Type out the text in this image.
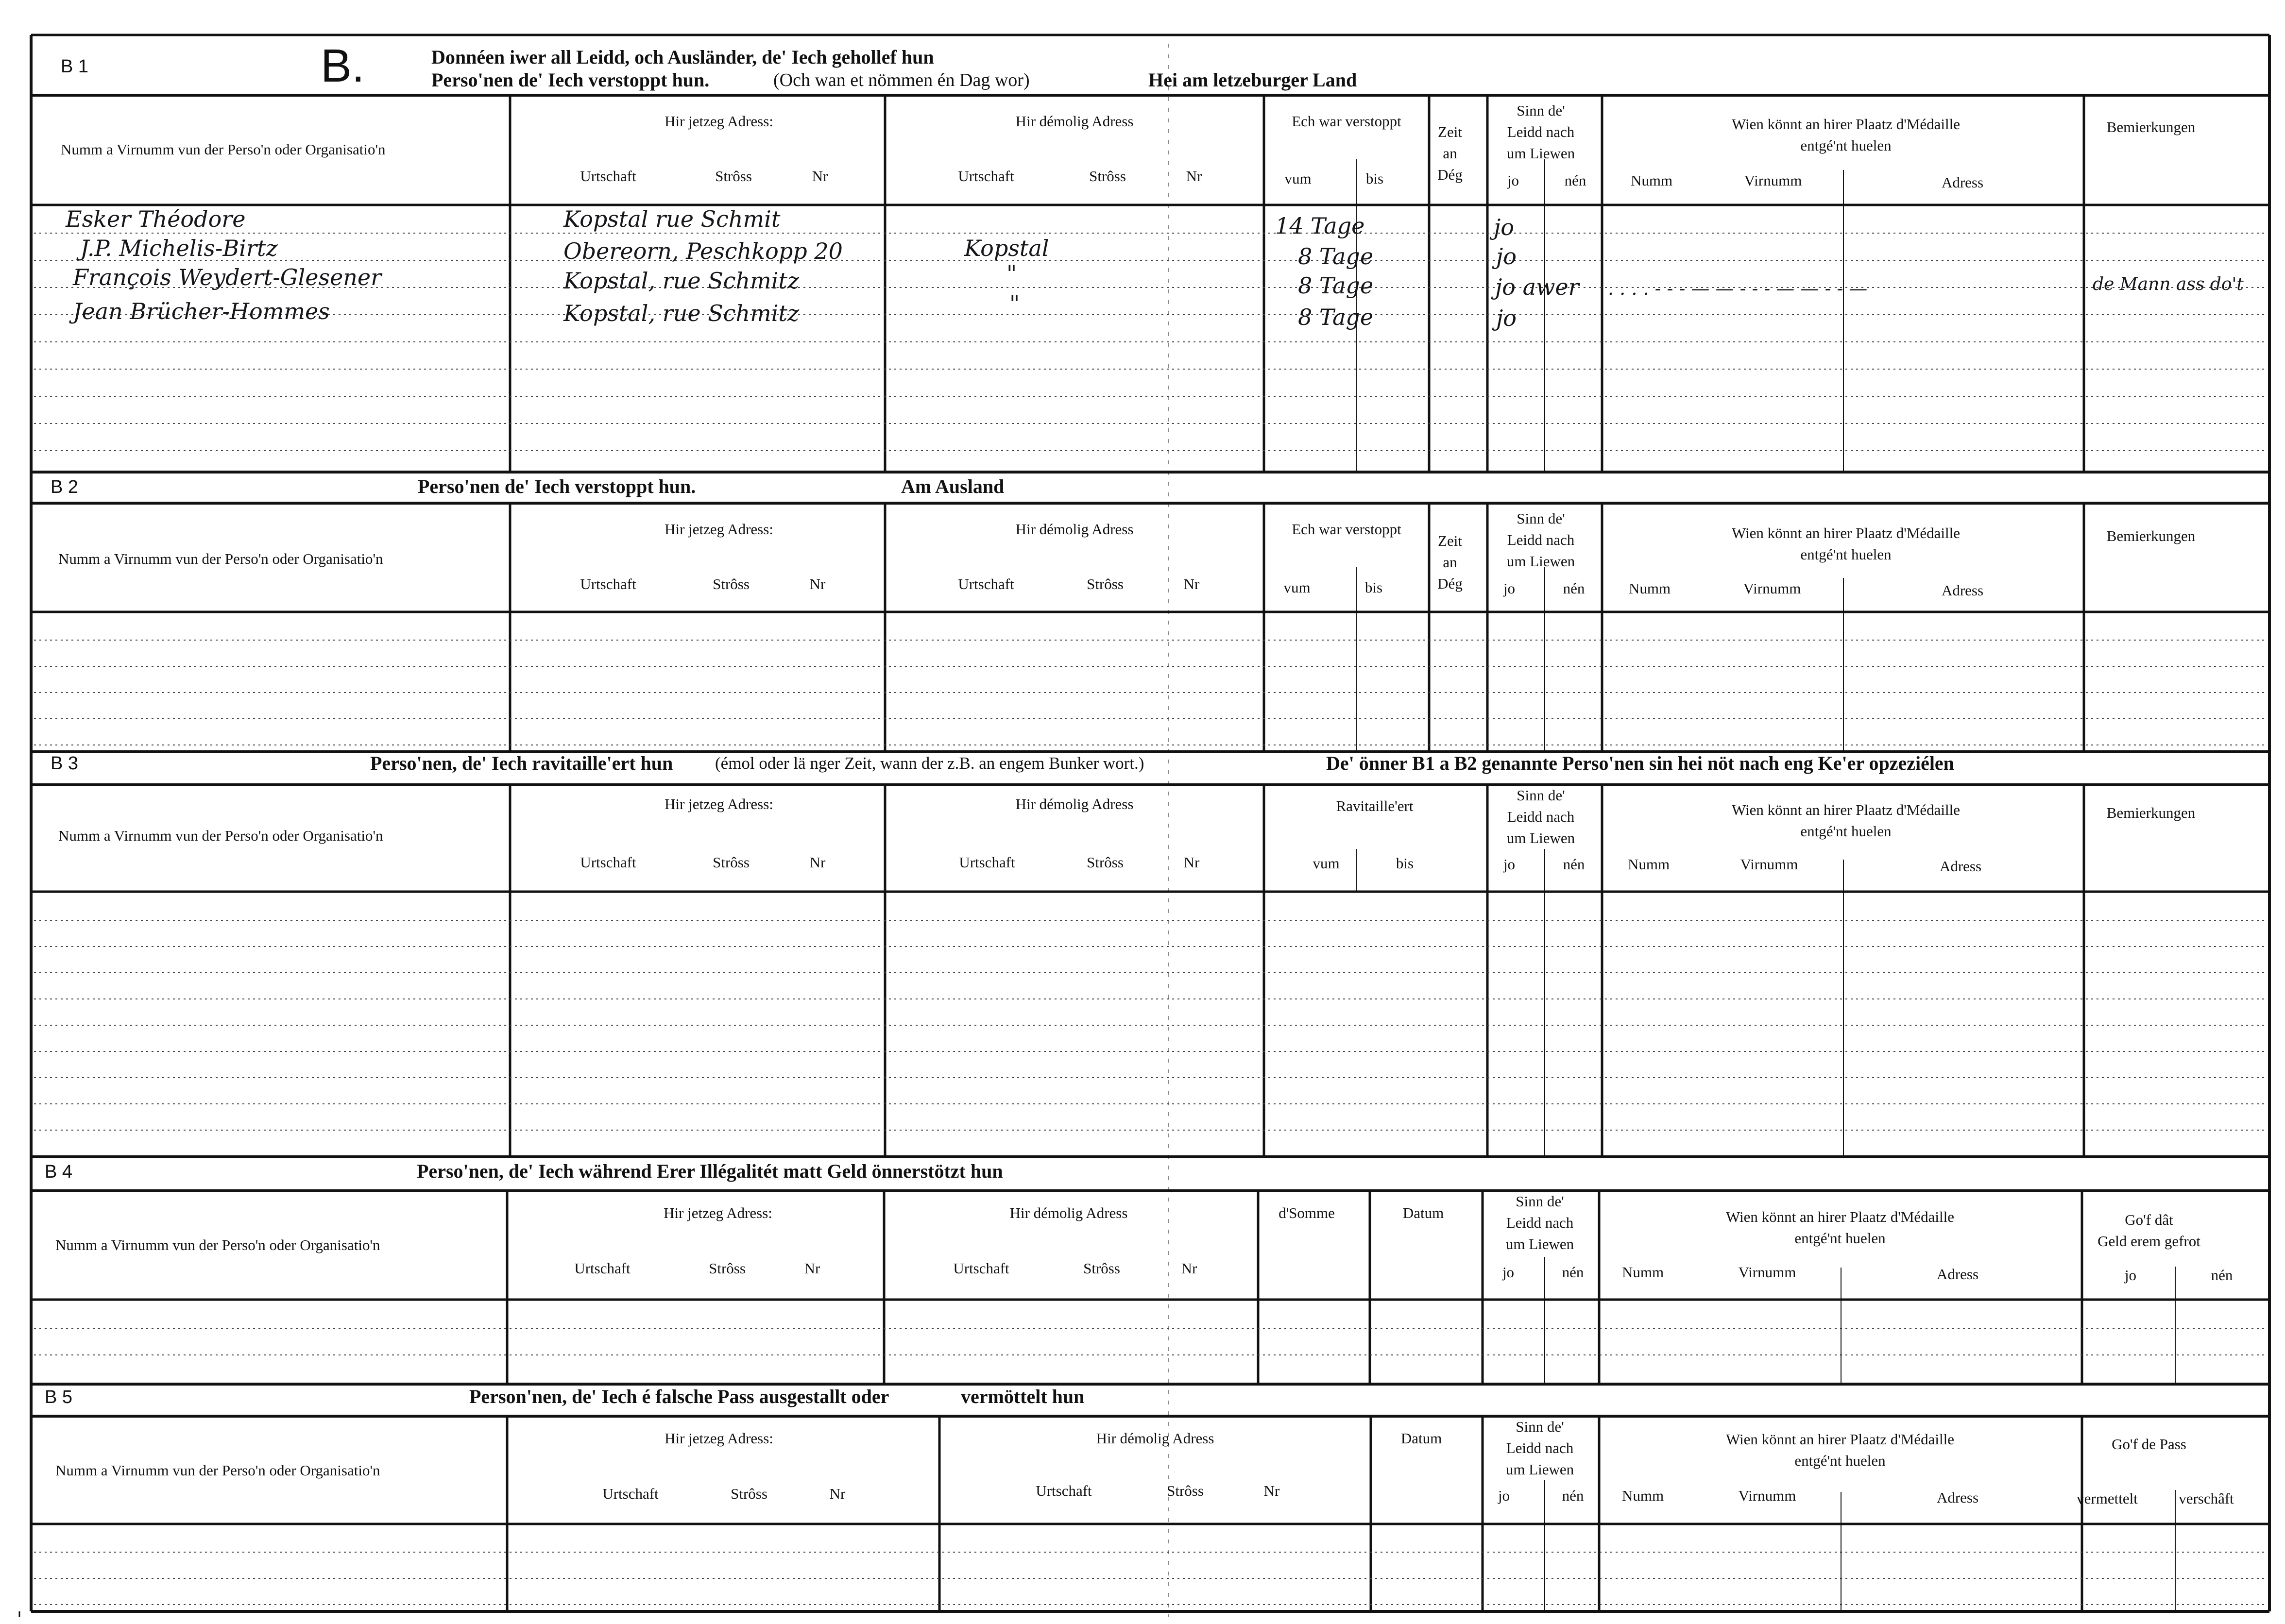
B 1	B.	Donnéen iwer all Leidd, och Ausländer, de' Iech gehollef hun
Perso'nen de' Iech verstoppt hun.	(Och wan et nömmen én Dag wor)	Hei am letzeburger Land
Numm a Virnumm vun der Perso'n oder Organisatio'n
Hir jetzeg Adress:	Hir démolig Adress	Ech war verstoppt
Zeit
an
Dég
Sinn de'
Leidd nach
um Liewen
Wien könnt an hirer Plaatz d'Médaille
entgé'nt huelen
Bemierkungen
Urtschaft	Strôss	Nr	Urtschaft	Strôss	Nr	vum	bis	jo	nén	Numm	Virnumm	Adress
Esker Théodore	Kopstal rue Schmit
Kopstal
14 Tage	jo
J.P. Michelis-Birtz	Obereorn, Peschkopp 20	8 Tage	jo
François Weydert-Glesener	Kopstal, rue Schmitz	"	8 Tage	jo awer . . . . - - - — — - - - — — - - —	de Mann ass do't
Jean Brücher-Hommes	Kopstal, rue Schmitz	"
8 Tage	jo
B 2	Perso'nen de' Iech verstoppt hun.	Am Ausland
Numm a Virnumm vun der Perso'n oder Organisatio'n
Hir jetzeg Adress:	Hir démolig Adress	Ech war verstoppt
Zeit
an
Dég
Sinn de'
Leidd nach
um Liewen
Wien könnt an hirer Plaatz d'Médaille
entgé'nt huelen
Bemierkungen
Urtschaft	Strôss	Nr	Urtschaft	Strôss	Nr	vum	bis	jo	nén	Numm	Virnumm	Adress
B 3	Perso'nen, de' Iech ravitaille'ert hun (émol oder lä nger Zeit, wann der z.B. an engem Bunker wort.)	De' önner B1 a B2 genannte Perso'nen sin hei nöt nach eng Ke'er opzeziélen
Numm a Virnumm vun der Perso'n oder Organisatio'n
Hir jetzeg Adress:	Hir démolig Adress	Ravitaille'ert
Sinn de'
Leidd nach
um Liewen
Wien könnt an hirer Plaatz d'Médaille
entgé'nt huelen
Bemierkungen
Urtschaft	Strôss	Nr	Urtschaft	Strôss	Nr	vum	bis	jo	nén	Numm	Virnumm	Adress
B 4	Perso'nen, de' Iech während Erer Illégalitét matt Geld önnerstötzt hun
Numm a Virnumm vun der Perso'n oder Organisatio'n
Hir jetzeg Adress:	Hir démolig Adress	d'Somme	Datum
Sinn de'
Leidd nach
um Liewen
Wien könnt an hirer Plaatz d'Médaille
entgé'nt huelen
Go'f dât
Geld erem gefrot
Urtschaft	Strôss	Nr	Urtschaft	Strôss	Nr	jo	nén	Numm	Virnumm	Adress	jo	nén
B 5	Person'nen, de' Iech é falsche Pass ausgestallt oder	vermöttelt hun
Numm a Virnumm vun der Perso'n oder Organisatio'n
Hir jetzeg Adress:	Hir démolig Adress	Datum
Sinn de'
Leidd nach
um Liewen
Wien könnt an hirer Plaatz d'Médaille
entgé'nt huelen
Go'f de Pass
Urtschaft	Strôss	Nr	Urtschaft	Strôss	Nr	jo	nén	Numm	Virnumm	Adress	vermettelt	verschâft
